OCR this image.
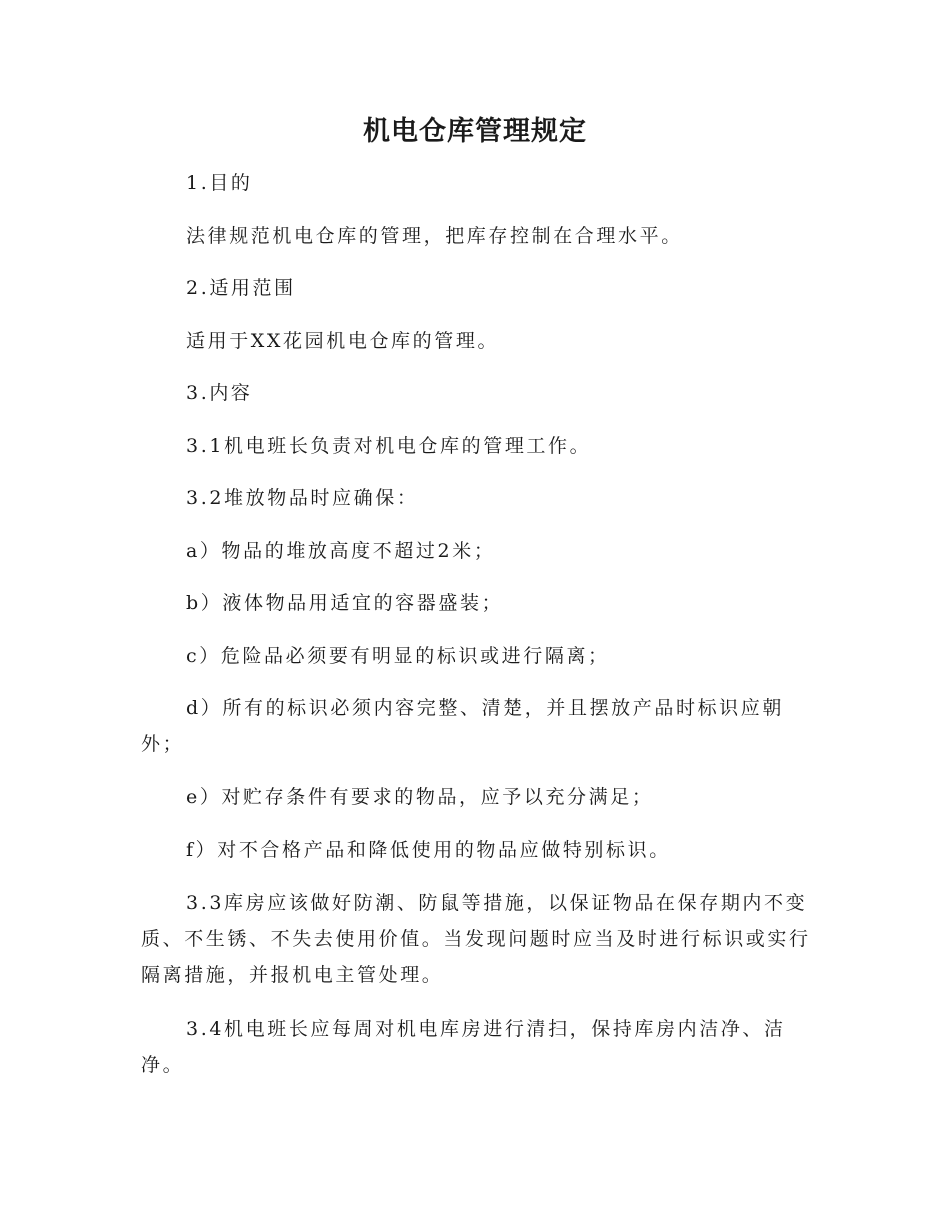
机电仓库管理规定

1.目的

法律规范机电仓库的管理，把库存控制在合理水平。

2.适用范围

适用于XX花园机电仓库的管理。

3.内容

3.1机电班长负责对机电仓库的管理工作。

3.2堆放物品时应确保：

a）物品的堆放高度不超过2米；

b）液体物品用适宜的容器盛装；

c）危险品必须要有明显的标识或进行隔离；

d）所有的标识必须内容完整、清楚，并且摆放产品时标识应朝外；

e）对贮存条件有要求的物品，应予以充分满足；

f）对不合格产品和降低使用的物品应做特别标识。

3.3库房应该做好防潮、防鼠等措施，以保证物品在保存期内不变质、不生锈、不失去使用价值。当发现问题时应当及时进行标识或实行隔离措施，并报机电主管处理。

3.4机电班长应每周对机电库房进行清扫，保持库房内洁净、洁净。
